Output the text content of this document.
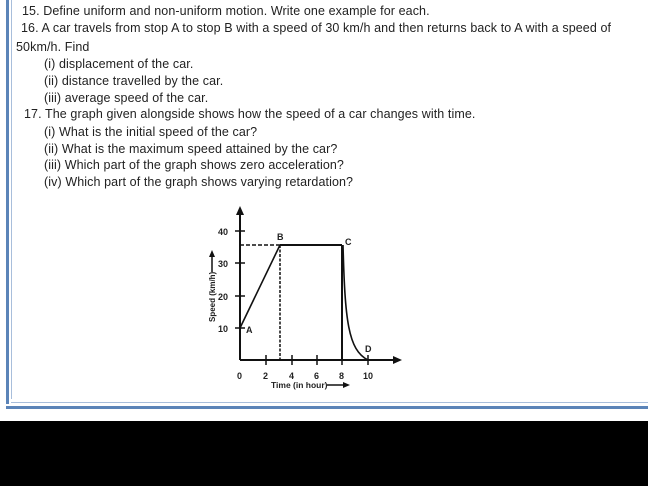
15. Define uniform and non-uniform motion. Write one example for each.
16. A car travels from stop A to stop B with a speed of 30 km/h and then returns back to A with a speed of
50km/h. Find
(i) displacement of the car.
(ii) distance travelled by the car.
(iii) average speed of the car.
17. The graph given alongside shows how the speed of a car changes with time.
(i) What is the initial speed of the car?
(ii) What is the maximum speed attained by the car?
(iii) Which part of the graph shows zero acceleration?
(iv) Which part of the graph shows varying retardation?
40
30
20
10
0 2 4 6 8 10
A
B	C
D
Time (in hour)
Speed (km/h)
